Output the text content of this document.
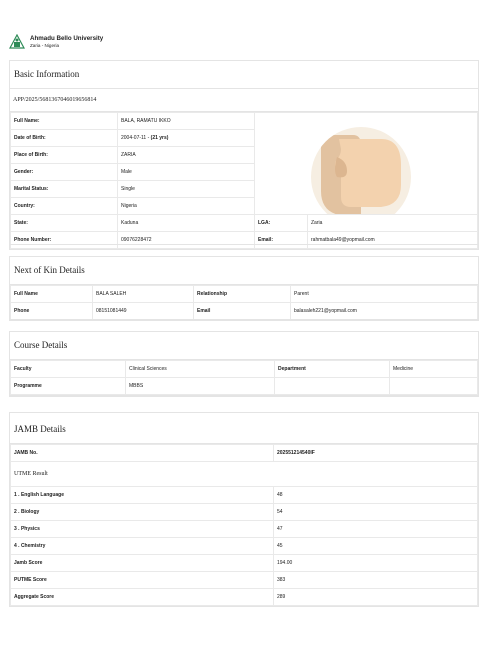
Ahmadu Bello University
Zaria - Nigeria
Basic Information
APP/2025/5681367046019656814
Full Name:	BALA, RAMATU IKKO	

Date of Birth:	2004-07-11 - (21 yrs)		
Place of Birth:	ZARIA		
Gender:	Male		
Marital Status:	Single		
Country:	Nigeria		
State:	Kaduna	LGA:	Zaria
Phone Number:	09076228472	Email:	rahmatbala49@yopmail.com
Next of Kin Details
Full Name	BALA SALEH	Relationship	Parent
Phone	08151081449	Email	balasaleh221@yopmail.com
Course Details
Faculty	Clinical Sciences	Department	Medicine
Programme	MBBS		
JAMB Details
JAMB No.	202551214540IF
UTME Result
1 . English Language	48
2 . Biology	54
3 . Physics	47
4 . Chemistry	45
Jamb Score	194.00
PUTME Score	383
Aggregate Score	289
